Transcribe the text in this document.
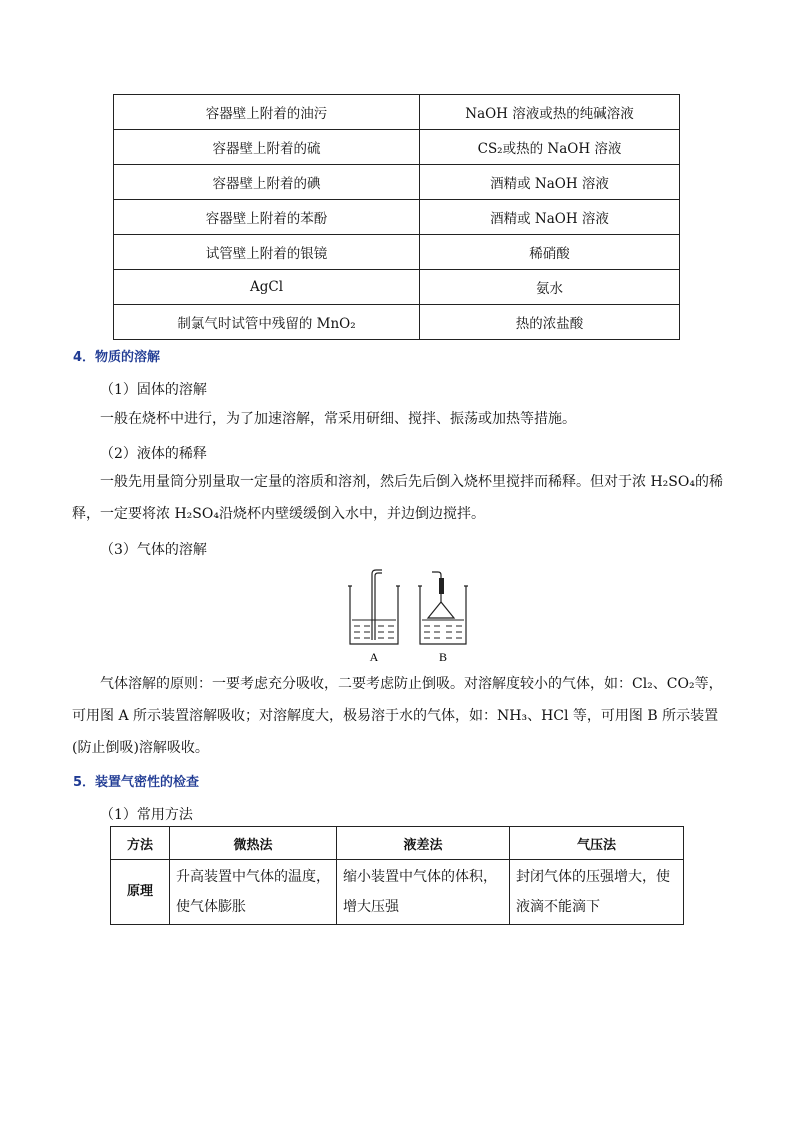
容器壁上附着的油污	NaOH 溶液或热的纯碱溶液
容器壁上附着的硫	CS₂或热的 NaOH 溶液
容器壁上附着的碘	酒精或 NaOH 溶液
容器壁上附着的苯酚	酒精或 NaOH 溶液
试管壁上附着的银镜	稀硝酸
AgCl	氨水
制氯气时试管中残留的 MnO₂	热的浓盐酸
4．物质的溶解
（1）固体的溶解

一般在烧杯中进行，为了加速溶解，常采用研细、搅拌、振荡或加热等措施。

（2）液体的稀释

一般先用量筒分别量取一定量的溶质和溶剂，然后先后倒入烧杯里搅拌而稀释。但对于浓 H₂SO₄的稀释，一定要将浓 H₂SO₄沿烧杯内壁缓缓倒入水中，并边倒边搅拌。

（3）气体的溶解
A	B

气体溶解的原则：一要考虑充分吸收，二要考虑防止倒吸。对溶解度较小的气体，如：Cl₂、CO₂等，可用图 A 所示装置溶解吸收；对溶解度大，极易溶于水的气体，如：NH₃、HCl 等，可用图 B 所示装置(防止倒吸)溶解吸收。

5．装置气密性的检查
（1）常用方法
方法	微热法	液差法	气压法
原理	升高装置中气体的温度，使气体膨胀	缩小装置中气体的体积，增大压强	封闭气体的压强增大，使液滴不能滴下
